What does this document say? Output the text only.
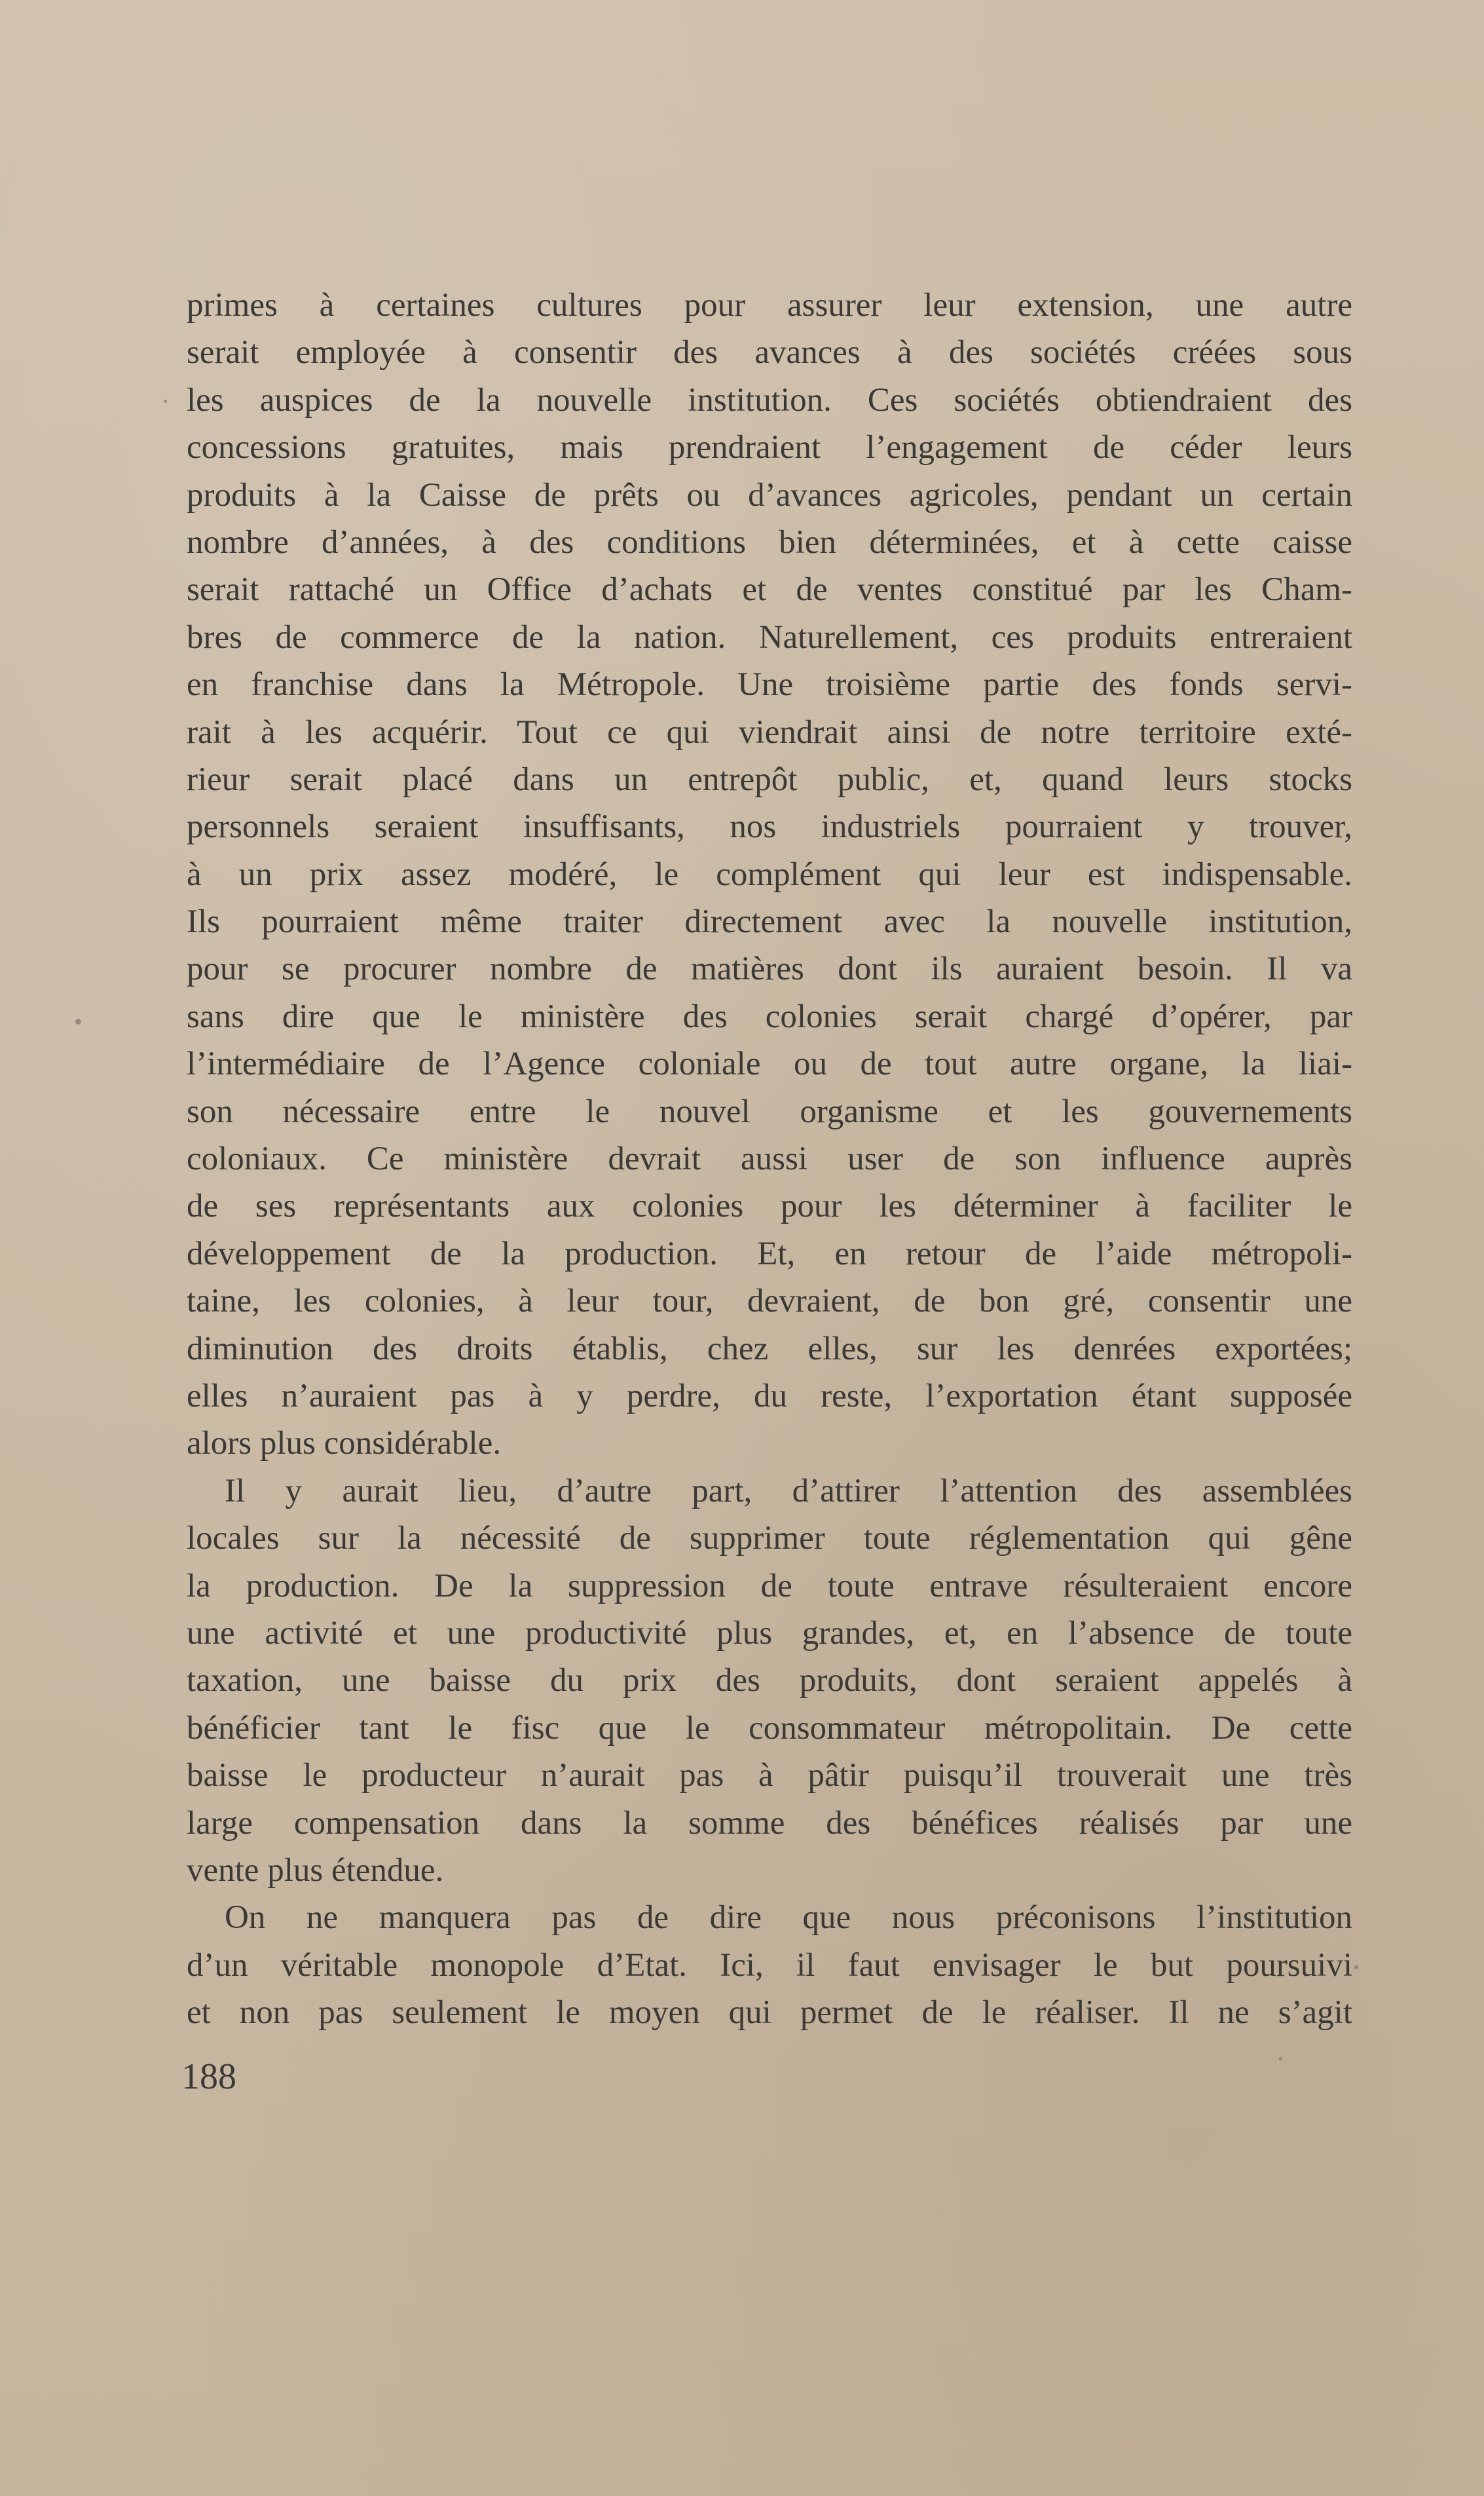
primes à certaines cultures pour assurer leur extension, une autre
serait employée à consentir des avances à des sociétés créées sous
les auspices de la nouvelle institution. Ces sociétés obtiendraient des
concessions gratuites, mais prendraient l’engagement de céder leurs
produits à la Caisse de prêts ou d’avances agricoles, pendant un certain
nombre d’années, à des conditions bien déterminées, et à cette caisse
serait rattaché un Office d’achats et de ventes constitué par les Cham-
bres de commerce de la nation. Naturellement, ces produits entreraient
en franchise dans la Métropole. Une troisième partie des fonds servi-
rait à les acquérir. Tout ce qui viendrait ainsi de notre territoire exté-
rieur serait placé dans un entrepôt public, et, quand leurs stocks
personnels seraient insuffisants, nos industriels pourraient y trouver,
à un prix assez modéré, le complément qui leur est indispensable.
Ils pourraient même traiter directement avec la nouvelle institution,
pour se procurer nombre de matières dont ils auraient besoin. Il va
sans dire que le ministère des colonies serait chargé d’opérer, par
l’intermédiaire de l’Agence coloniale ou de tout autre organe, la liai-
son nécessaire entre le nouvel organisme et les gouvernements
coloniaux. Ce ministère devrait aussi user de son influence auprès
de ses représentants aux colonies pour les déterminer à faciliter le
développement de la production. Et, en retour de l’aide métropoli-
taine, les colonies, à leur tour, devraient, de bon gré, consentir une
diminution des droits établis, chez elles, sur les denrées exportées;
elles n’auraient pas à y perdre, du reste, l’exportation étant supposée
alors plus considérable.
Il y aurait lieu, d’autre part, d’attirer l’attention des assemblées
locales sur la nécessité de supprimer toute réglementation qui gêne
la production. De la suppression de toute entrave résulteraient encore
une activité et une productivité plus grandes, et, en l’absence de toute
taxation, une baisse du prix des produits, dont seraient appelés à
bénéficier tant le fisc que le consommateur métropolitain. De cette
baisse le producteur n’aurait pas à pâtir puisqu’il trouverait une très
large compensation dans la somme des bénéfices réalisés par une
vente plus étendue.
On ne manquera pas de dire que nous préconisons l’institution
d’un véritable monopole d’Etat. Ici, il faut envisager le but poursuivi
et non pas seulement le moyen qui permet de le réaliser. Il ne s’agit
188
